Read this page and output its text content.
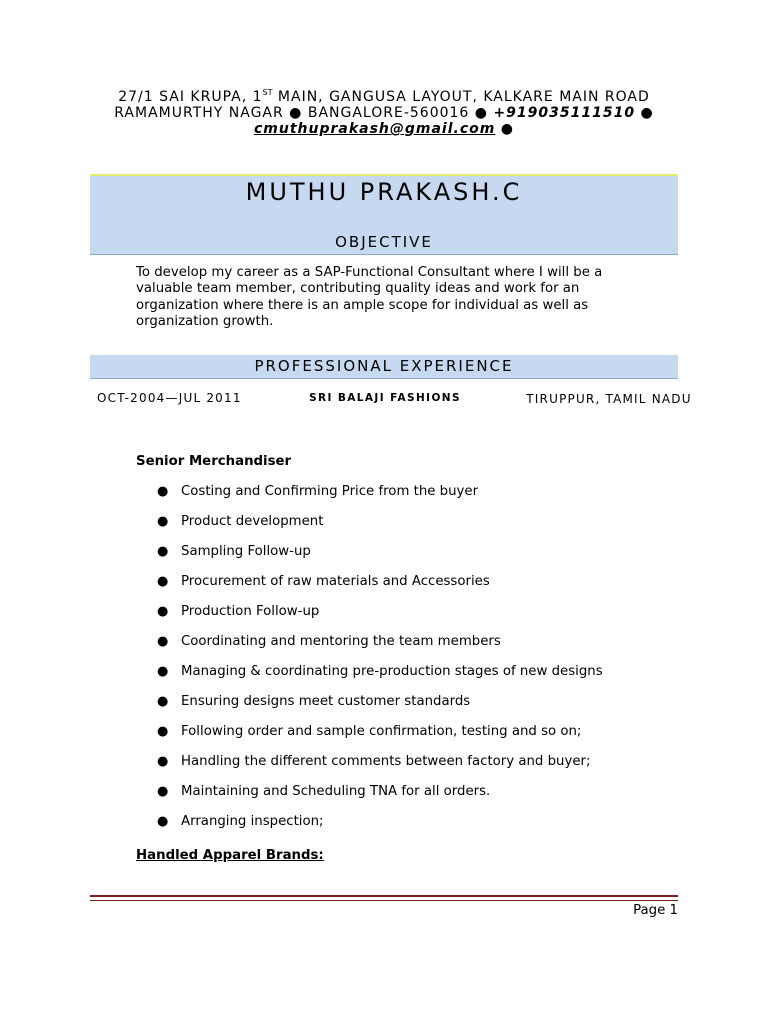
27/1 SAI KRUPA, 1ST MAIN, GANGUSA LAYOUT, KALKARE MAIN ROAD
RAMAMURTHY NAGAR ● BANGALORE-560016 ● +919035111510 ●
cmuthuprakash@gmail.com ●
MUTHU PRAKASH.C
OBJECTIVE
To develop my career as a SAP-Functional Consultant where I will be a valuable team member, contributing quality ideas and work for an organization where there is an ample scope for individual as well as organization growth.
PROFESSIONAL EXPERIENCE
OCT-2004—JUL 2011	SRI BALAJI FASHIONS	TIRUPPUR, TAMIL NADU
Senior Merchandiser
● Costing and Confirming Price from the buyer
● Product development
● Sampling Follow-up
● Procurement of raw materials and Accessories
● Production Follow-up
● Coordinating and mentoring the team members
● Managing & coordinating pre-production stages of new designs
● Ensuring designs meet customer standards
● Following order and sample confirmation, testing and so on;
● Handling the different comments between factory and buyer;
● Maintaining and Scheduling TNA for all orders.
● Arranging inspection;
Handled Apparel Brands:
Page 1
